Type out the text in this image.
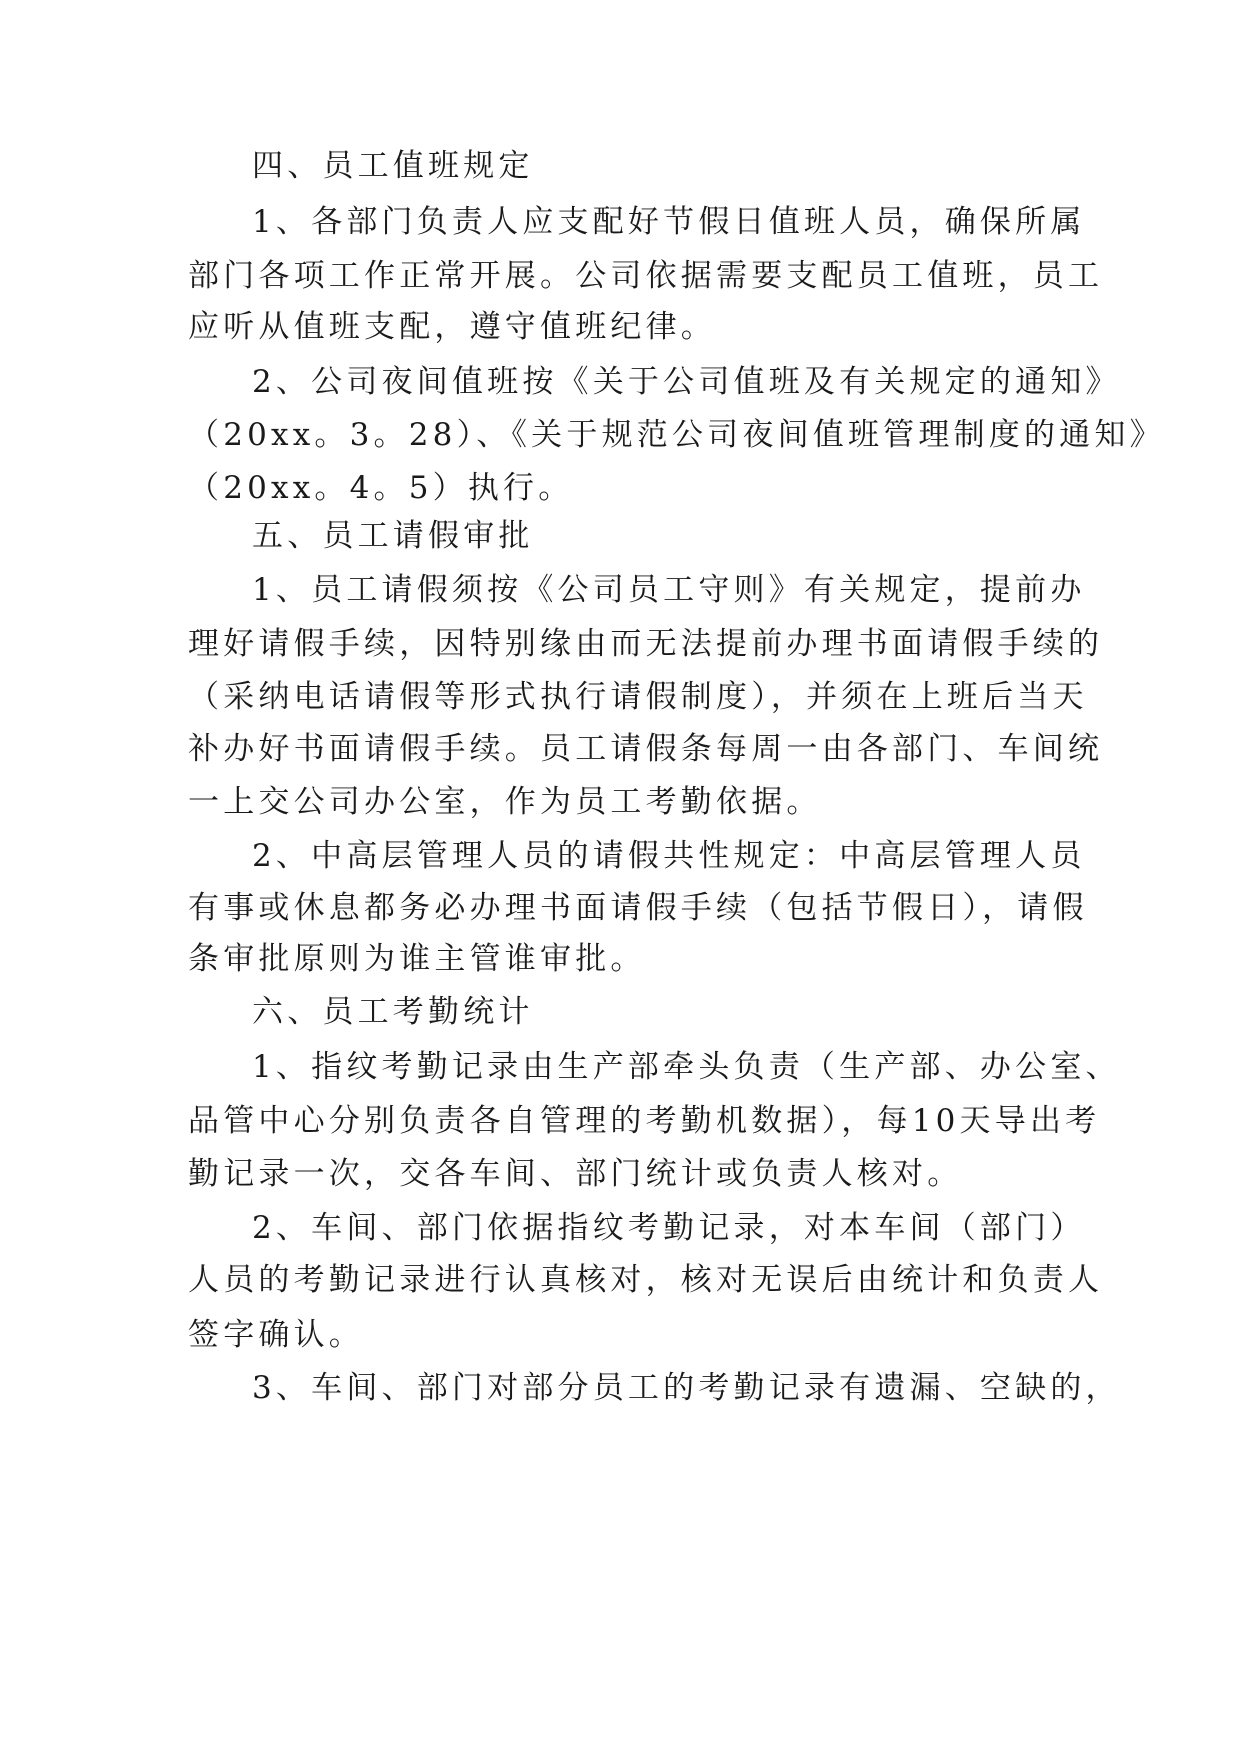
四、员工值班规定
1、各部门负责人应支配好节假日值班人员，确保所属
部门各项工作正常开展。公司依据需要支配员工值班，员工
应听从值班支配，遵守值班纪律。
2、公司夜间值班按《关于公司值班及有关规定的通知》
（20xx。3。28）、《关于规范公司夜间值班管理制度的通知》
（20xx。4。5）执行。
五、员工请假审批
1、员工请假须按《公司员工守则》有关规定，提前办
理好请假手续，因特别缘由而无法提前办理书面请假手续的
（采纳电话请假等形式执行请假制度），并须在上班后当天
补办好书面请假手续。员工请假条每周一由各部门、车间统
一上交公司办公室，作为员工考勤依据。
2、中高层管理人员的请假共性规定：中高层管理人员
有事或休息都务必办理书面请假手续（包括节假日），请假
条审批原则为谁主管谁审批。
六、员工考勤统计
1、指纹考勤记录由生产部牵头负责（生产部、办公室、
品管中心分别负责各自管理的考勤机数据），每10天导出考
勤记录一次，交各车间、部门统计或负责人核对。
2、车间、部门依据指纹考勤记录，对本车间（部门）
人员的考勤记录进行认真核对，核对无误后由统计和负责人
签字确认。
3、车间、部门对部分员工的考勤记录有遗漏、空缺的，
